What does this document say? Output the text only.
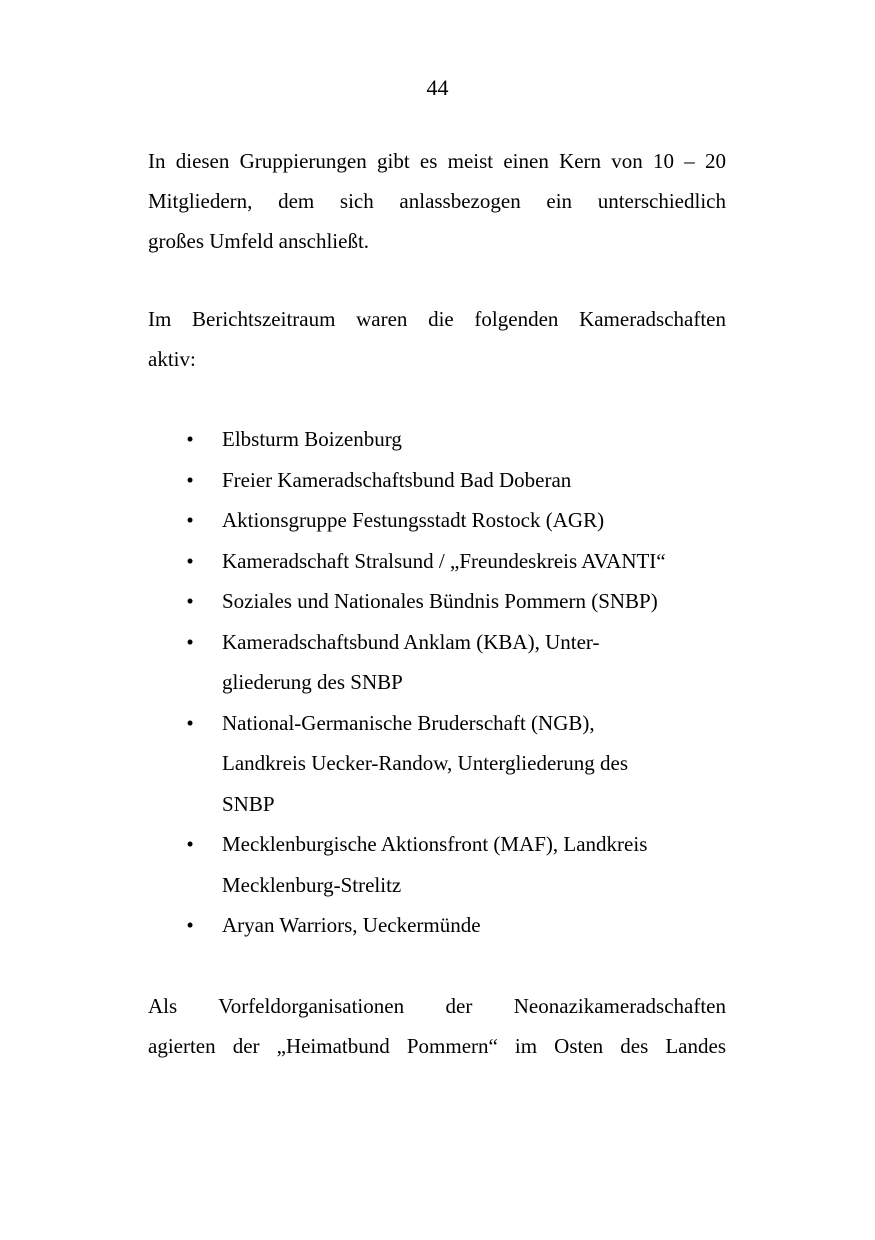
44

In diesen Gruppierungen gibt es meist einen Kern von 10 – 20
Mitgliedern, dem sich anlassbezogen ein unterschiedlich
großes Umfeld anschließt.

Im Berichtszeitraum waren die folgenden Kameradschaften
aktiv:

• Elbsturm Boizenburg
• Freier Kameradschaftsbund Bad Doberan
• Aktionsgruppe Festungsstadt Rostock (AGR)
• Kameradschaft Stralsund / „Freundeskreis AVANTI“
• Soziales und Nationales Bündnis Pommern (SNBP)
• Kameradschaftsbund Anklam (KBA), Unter-
gliederung des SNBP
• National-Germanische Bruderschaft (NGB),
Landkreis Uecker-Randow, Untergliederung des
SNBP
• Mecklenburgische Aktionsfront (MAF), Landkreis
Mecklenburg-Strelitz
• Aryan Warriors, Ueckermünde

Als Vorfeldorganisationen der Neonazikameradschaften
agierten der „Heimatbund Pommern“ im Osten des Landes
